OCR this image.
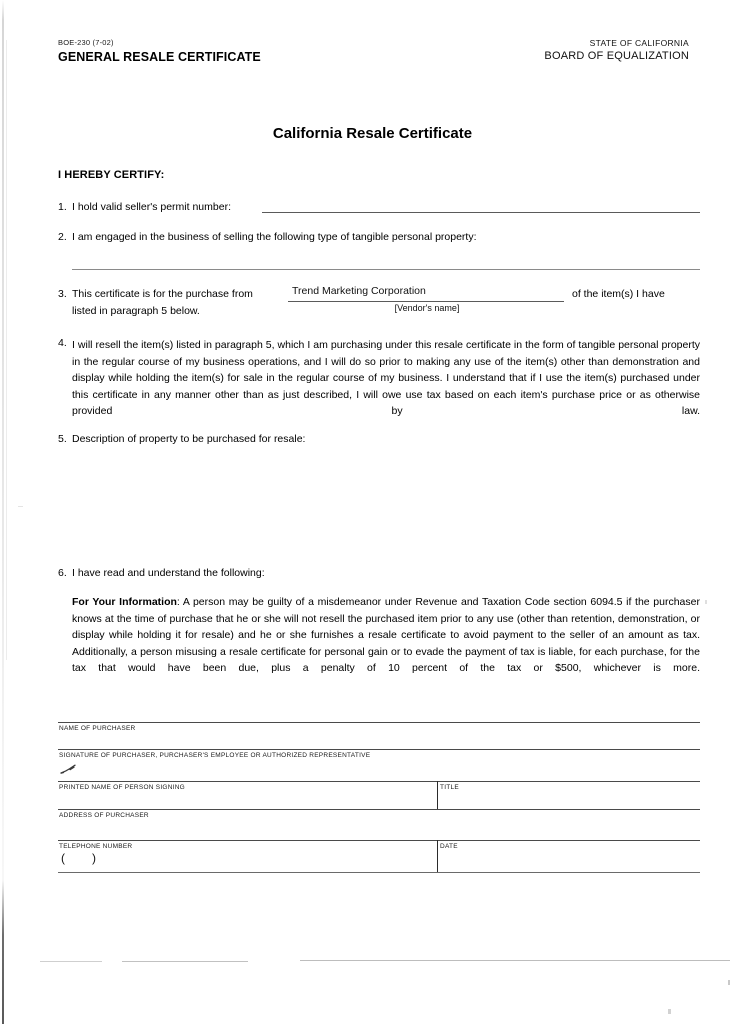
BOE-230 (7-02)
GENERAL RESALE CERTIFICATE
STATE OF CALIFORNIA
BOARD OF EQUALIZATION
California Resale Certificate
I HEREBY CERTIFY:
1. I hold valid seller's permit number:
2. I am engaged in the business of selling the following type of tangible personal property:
3. This certificate is for the purchase from	Trend Marketing Corporation
[Vendor's name]
of the item(s) I have
listed in paragraph 5 below.
4. I will resell the item(s) listed in paragraph 5, which I am purchasing under this resale certificate in the form of tangible personal property in the regular course of my business operations, and I will do so prior to making any use of the item(s) other than demonstration and display while holding the item(s) for sale in the regular course of my business. I understand that if I use the item(s) purchased under this certificate in any manner other than as just described, I will owe use tax based on each item's purchase price or as otherwise provided by law.
5. Description of property to be purchased for resale:
6. I have read and understand the following:
For Your Information: A person may be guilty of a misdemeanor under Revenue and Taxation Code section 6094.5 if the purchaser knows at the time of purchase that he or she will not resell the purchased item prior to any use (other than retention, demonstration, or display while holding it for resale) and he or she furnishes a resale certificate to avoid payment to the seller of an amount as tax. Additionally, a person misusing a resale certificate for personal gain or to evade the payment of tax is liable, for each purchase, for the tax that would have been due, plus a penalty of 10 percent of the tax or $500, whichever is more.
NAME OF PURCHASER
SIGNATURE OF PURCHASER, PURCHASER'S EMPLOYEE OR AUTHORIZED REPRESENTATIVE
PRINTED NAME OF PERSON SIGNING	TITLE
ADDRESS OF PURCHASER
TELEPHONE NUMBER	DATE
( )
